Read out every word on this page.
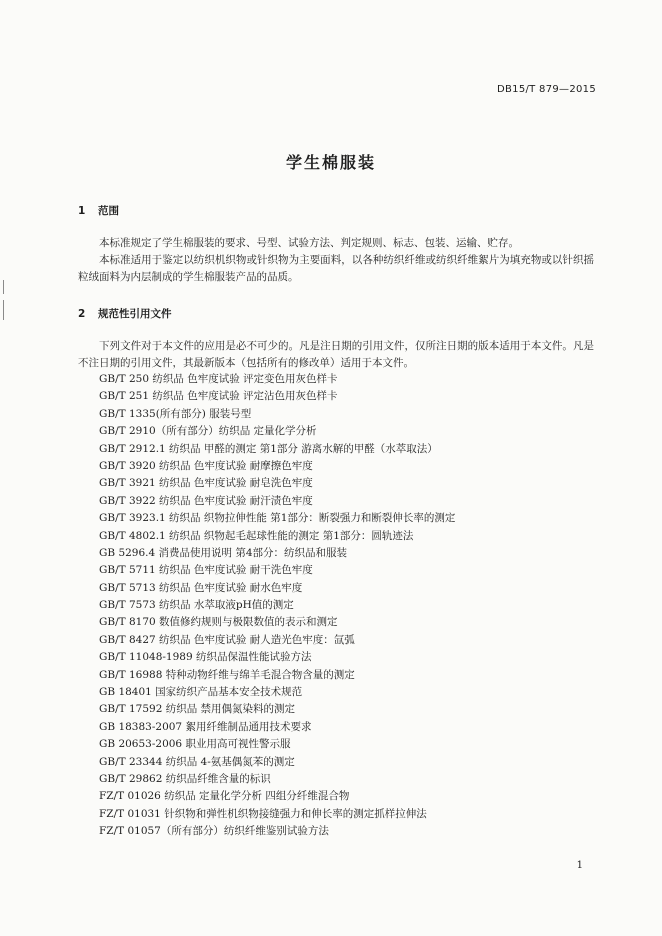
DB15/T 879—2015
学生棉服装
1 范围
本标准规定了学生棉服装的要求、号型、试验方法、判定规则、标志、包装、运输、贮存。
本标准适用于鉴定以纺织机织物或针织物为主要面料，以各种纺织纤维或纺织纤维絮片为填充物或以针织摇粒绒面料为内层制成的学生棉服装产品的品质。
2 规范性引用文件
下列文件对于本文件的应用是必不可少的。凡是注日期的引用文件，仅所注日期的版本适用于本文件。凡是不注日期的引用文件，其最新版本（包括所有的修改单）适用于本文件。
GB/T 250 纺织品 色牢度试验 评定变色用灰色样卡
GB/T 251 纺织品 色牢度试验 评定沾色用灰色样卡
GB/T 1335(所有部分) 服装号型
GB/T 2910（所有部分）纺织品 定量化学分析
GB/T 2912.1 纺织品 甲醛的测定 第1部分 游离水解的甲醛（水萃取法）
GB/T 3920 纺织品 色牢度试验 耐摩擦色牢度
GB/T 3921 纺织品 色牢度试验 耐皂洗色牢度
GB/T 3922 纺织品 色牢度试验 耐汗渍色牢度
GB/T 3923.1 纺织品 织物拉伸性能 第1部分：断裂强力和断裂伸长率的测定
GB/T 4802.1 纺织品 织物起毛起球性能的测定 第1部分：圆轨迹法
GB 5296.4 消费品使用说明 第4部分：纺织品和服装
GB/T 5711 纺织品 色牢度试验 耐干洗色牢度
GB/T 5713 纺织品 色牢度试验 耐水色牢度
GB/T 7573 纺织品 水萃取液pH值的测定
GB/T 8170 数值修约规则与极限数值的表示和测定
GB/T 8427 纺织品 色牢度试验 耐人造光色牢度：氙弧
GB/T 11048-1989 纺织品保温性能试验方法
GB/T 16988 特种动物纤维与绵羊毛混合物含量的测定
GB 18401 国家纺织产品基本安全技术规范
GB/T 17592 纺织品 禁用偶氮染料的测定
GB 18383-2007 絮用纤维制品通用技术要求
GB 20653-2006 职业用高可视性警示服
GB/T 23344 纺织品 4-氨基偶氮苯的测定
GB/T 29862 纺织品纤维含量的标识
FZ/T 01026 纺织品 定量化学分析 四组分纤维混合物
FZ/T 01031 针织物和弹性机织物接缝强力和伸长率的测定抓样拉伸法
FZ/T 01057（所有部分）纺织纤维鉴别试验方法
1
